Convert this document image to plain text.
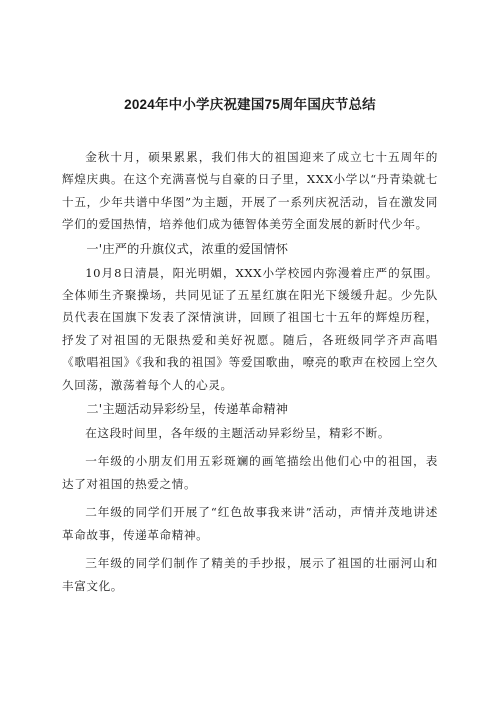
2024年中小学庆祝建国75周年国庆节总结

金秋十月，硕果累累，我们伟大的祖国迎来了成立七十五周年的辉煌庆典。在这个充满喜悦与自豪的日子里，XXX小学以“丹青染就七十五，少年共谱中华图”为主题，开展了一系列庆祝活动，旨在激发同学们的爱国热情，培养他们成为德智体美劳全面发展的新时代少年。

一'庄严的升旗仪式，浓重的爱国情怀

10月8日清晨，阳光明媚，XXX小学校园内弥漫着庄严的氛围。全体师生齐聚操场，共同见证了五星红旗在阳光下缓缓升起。少先队员代表在国旗下发表了深情演讲，回顾了祖国七十五年的辉煌历程，抒发了对祖国的无限热爱和美好祝愿。随后，各班级同学齐声高唱《歌唱祖国》《我和我的祖国》等爱国歌曲，嘹亮的歌声在校园上空久久回荡，激荡着每个人的心灵。

二'主题活动异彩纷呈，传递革命精神

在这段时间里，各年级的主题活动异彩纷呈，精彩不断。

一年级的小朋友们用五彩斑斓的画笔描绘出他们心中的祖国，表达了对祖国的热爱之情。

二年级的同学们开展了“红色故事我来讲”活动，声情并茂地讲述革命故事，传递革命精神。

三年级的同学们制作了精美的手抄报，展示了祖国的壮丽河山和丰富文化。
